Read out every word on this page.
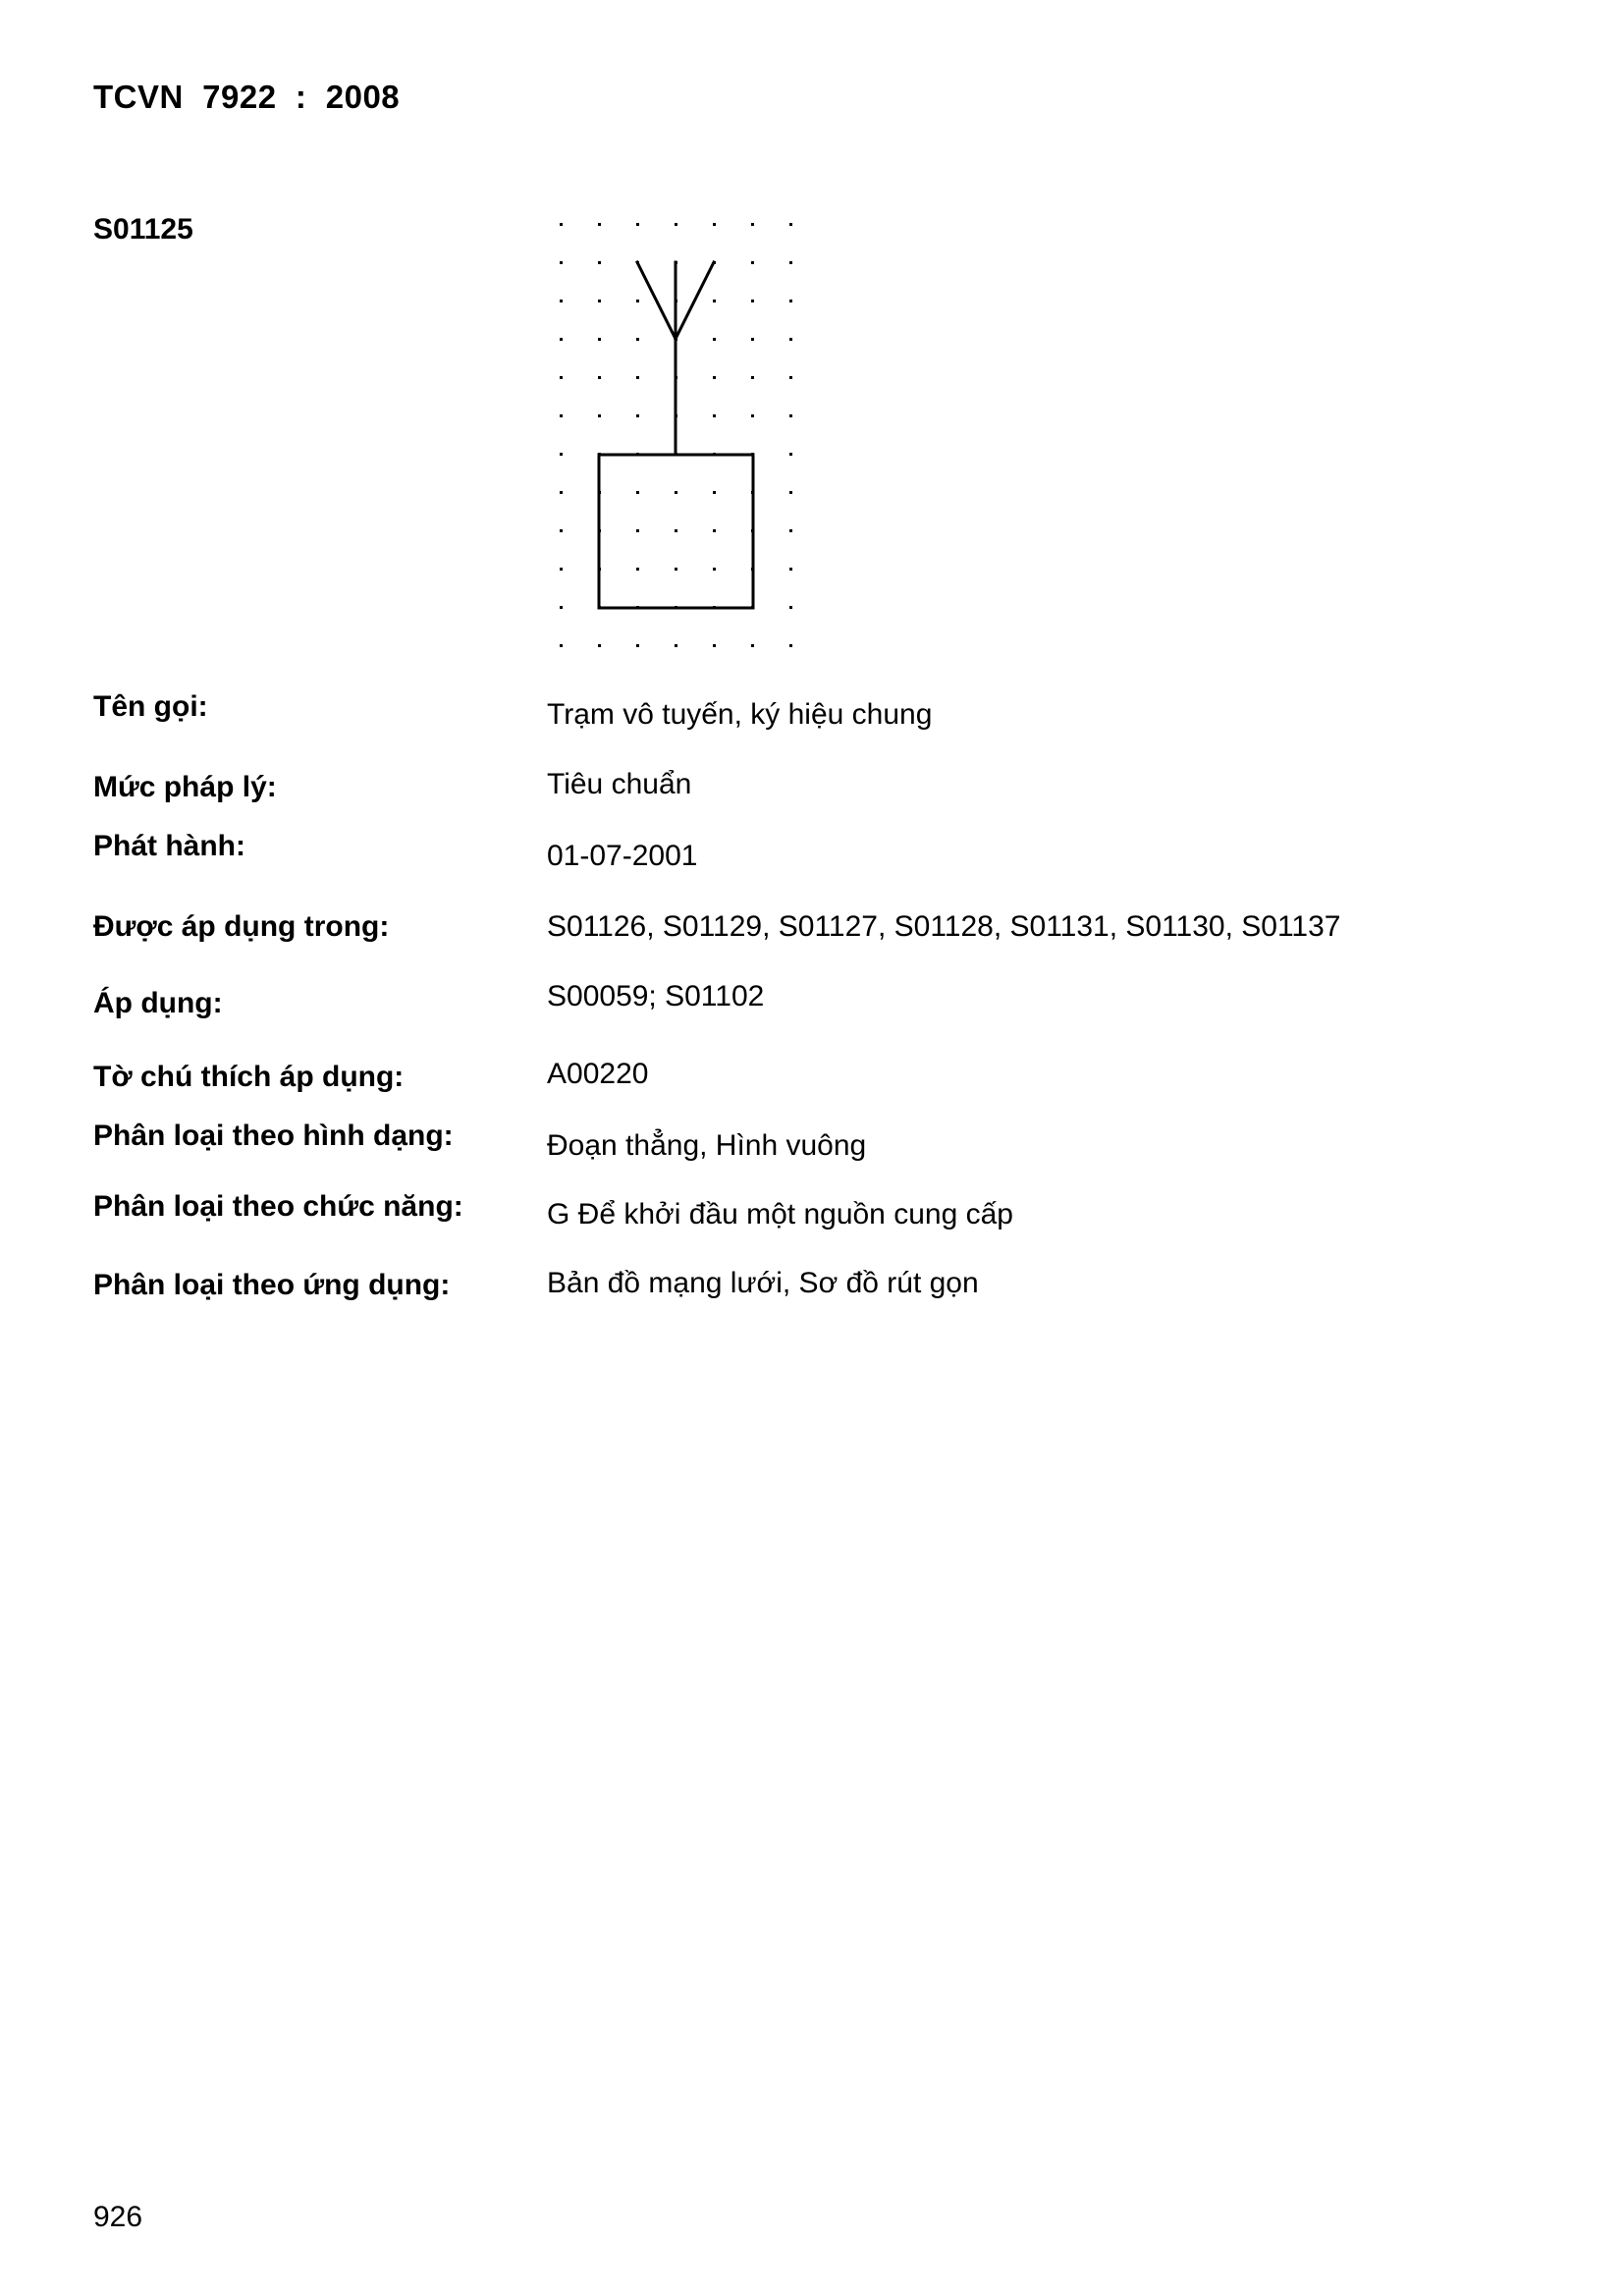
TCVN  7922  :  2008
S01125
Tên gọi:	Trạm vô tuyến, ký hiệu chung
Mức pháp lý:	Tiêu chuẩn
Phát hành:	01-07-2001
Được áp dụng trong:	S01126, S01129, S01127, S01128, S01131, S01130, S01137
Áp dụng:	S00059; S01102
Tờ chú thích áp dụng:	A00220
Phân loại theo hình dạng:	Đoạn thẳng, Hình vuông
Phân loại theo chức năng:	G Để khởi đầu một nguồn cung cấp
Phân loại theo ứng dụng:	Bản đồ mạng lưới, Sơ đồ rút gọn
926
